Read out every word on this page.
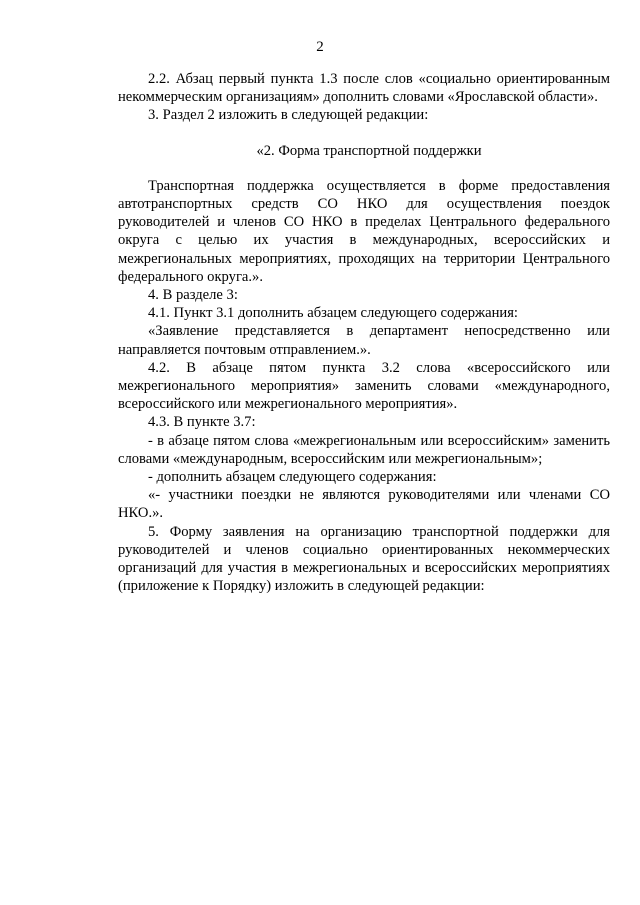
2

2.2. Абзац первый пункта 1.3 после слов «социально ориентированным некоммерческим организациям» дополнить словами «Ярославской области».

3. Раздел 2 изложить в следующей редакции:

«2. Форма транспортной поддержки

Транспортная поддержка осуществляется в форме предоставления автотранспортных средств СО НКО для осуществления поездок руководителей и членов СО НКО в пределах Центрального федерального округа с целью их участия в международных, всероссийских и межрегиональных мероприятиях, проходящих на территории Центрального федерального округа.».

4. В разделе 3:

4.1. Пункт 3.1 дополнить абзацем следующего содержания:

«Заявление представляется в департамент непосредственно или направляется почтовым отправлением.».

4.2. В абзаце пятом пункта 3.2 слова «всероссийского или межрегионального мероприятия» заменить словами «международного, всероссийского или межрегионального мероприятия».

4.3. В пункте 3.7:

- в абзаце пятом слова «межрегиональным или всероссийским» заменить словами «международным, всероссийским или межрегиональным»;

- дополнить абзацем следующего содержания:

«- участники поездки не являются руководителями или членами СО НКО.».

5. Форму заявления на организацию транспортной поддержки для руководителей и членов социально ориентированных некоммерческих организаций для участия в межрегиональных и всероссийских мероприятиях (приложение к Порядку) изложить в следующей редакции:
